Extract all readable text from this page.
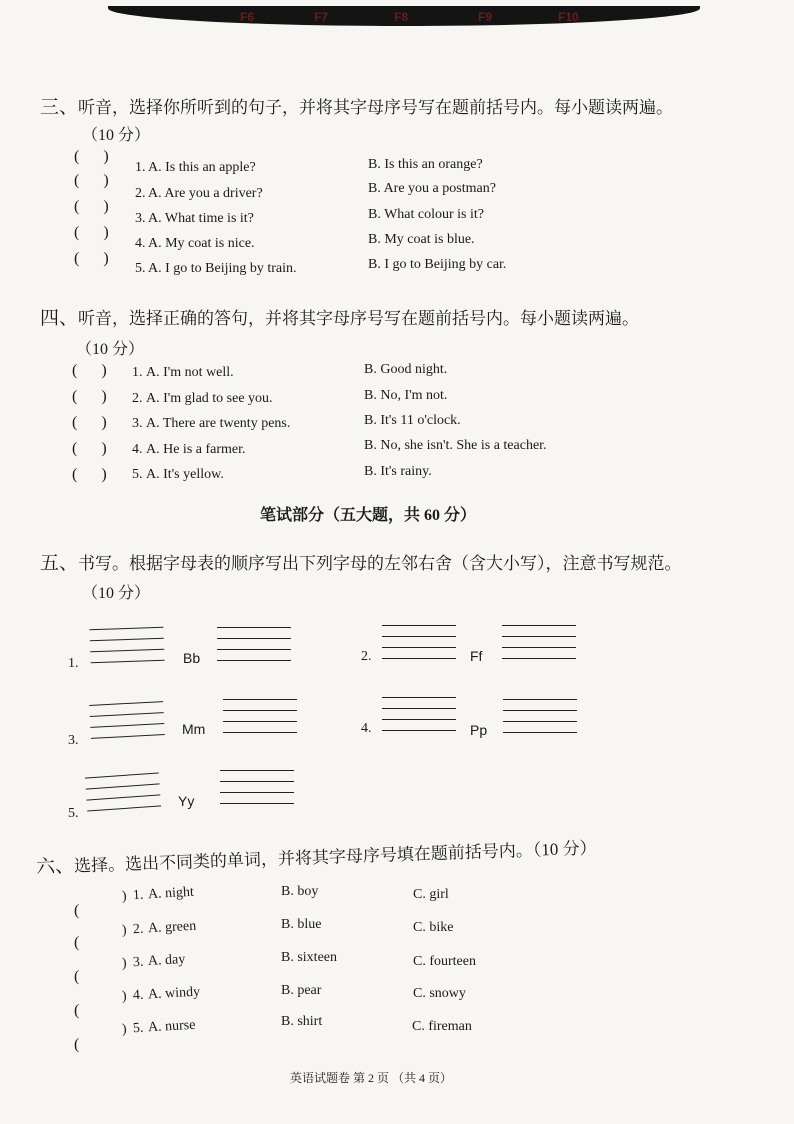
F6	F7	F8	F9	F10
三、听音，选择你所听到的句子，并将其字母序号写在题前括号内。每小题读两遍。
（10 分）
(      )
1. A. Is this an apple?	B. Is this an orange?
(      )
2. A. Are you a driver?	B. Are you a postman?
(      )
3. A. What time is it?	B. What colour is it?
(      )
4. A. My coat is nice.	B. My coat is blue.
(      )
5. A. I go to Beijing by train.	B. I go to Beijing by car.
四、听音，选择正确的答句，并将其字母序号写在题前括号内。每小题读两遍。
（10 分）
(      ) 1. A. I'm not well.	B. Good night.
(      ) 2. A. I'm glad to see you.	B. No, I'm not.
(      ) 3. A. There are twenty pens.	B. It's 11 o'clock.
(      ) 4. A. He is a farmer.	B. No, she isn't. She is a teacher.
(      ) 5. A. It's yellow.	B. It's rainy.
笔试部分（五大题，共 60 分）
五、书写。根据字母表的顺序写出下列字母的左邻右舍（含大小写），注意书写规范。
（10 分）
1.	Bb	2.	Ff
3.
Mm	4.	Pp
5.
Yy
六、选择。选出不同类的单词，并将其字母序号填在题前括号内。（10 分）
(
) 1. A. night	B. boy	C. girl
(
) 2. A. green	B. blue	C. bike
(
) 3. A. day	B. sixteen	C. fourteen
(
) 4. A. windy	B. pear	C. snowy
(
) 5. A. nurse	B. shirt	C. fireman
英语试题卷 第 2 页 （共 4 页）
